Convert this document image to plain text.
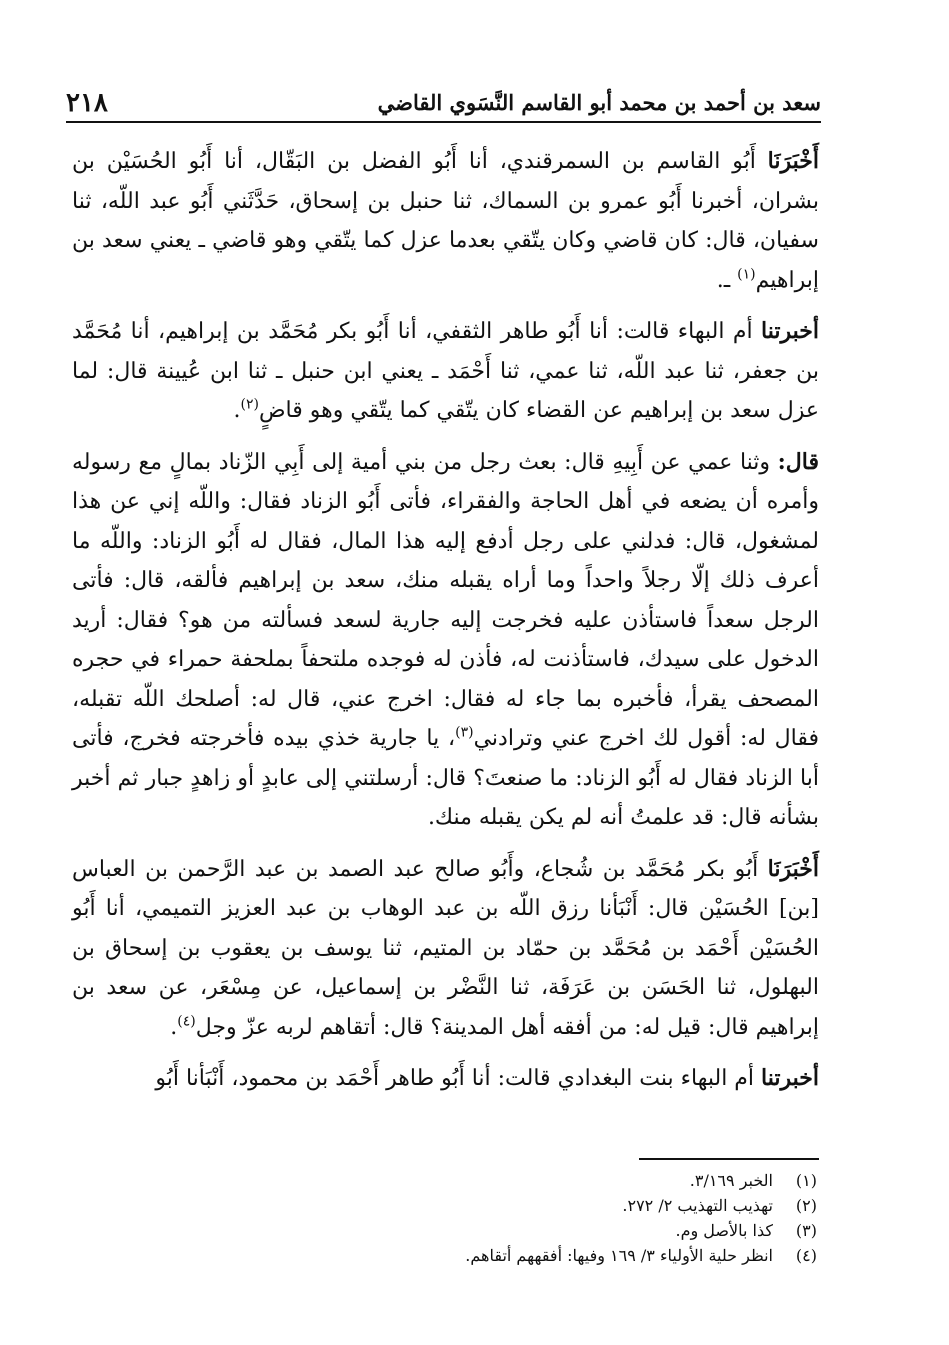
سعد بن أحمد بن محمد أبو القاسم النَّسَوي القاضي
٢١٨

أَخْبَرَنَا أَبُو القاسم بن السمرقندي، أنا أَبُو الفضل بن البَقّال، أنا أَبُو الحُسَيْن بن بشران، أخبرنا أَبُو عمرو بن السماك، ثنا حنبل بن إسحاق، حَدَّثَني أَبُو عبد اللّه، ثنا سفيان، قال: كان قاضي وكان يتّقي بعدما عزل كما يتّقي وهو قاضي ـ يعني سعد بن إبراهيم$^{(١)}$ ـ.

أخبرتنا أم البهاء قالت: أنا أَبُو طاهر الثقفي، أنا أَبُو بكر مُحَمَّد بن إبراهيم، أنا مُحَمَّد بن جعفر، ثنا عبد اللّه، ثنا عمي، ثنا أَحْمَد ـ يعني ابن حنبل ـ ثنا ابن عُيينة قال: لما عزل سعد بن إبراهيم عن القضاء كان يتّقي كما يتّقي وهو قاضٍ$^{(٢)}$.

قال: وثنا عمي عن أَبِيهِ قال: بعث رجل من بني أمية إلى أَبِي الزّناد بمالٍ مع رسوله وأمره أن يضعه في أهل الحاجة والفقراء، فأتى أَبُو الزناد فقال: واللّه إني عن هذا لمشغول، قال: فدلني على رجل أدفع إليه هذا المال، فقال له أَبُو الزناد: واللّه ما أعرف ذلك إلّا رجلاً واحداً وما أراه يقبله منك، سعد بن إبراهيم فألقه، قال: فأتى الرجل سعداً فاستأذن عليه فخرجت إليه جارية لسعد فسألته من هو؟ فقال: أريد الدخول على سيدك، فاستأذنت له، فأذن له فوجده ملتحفاً بملحفة حمراء في حجره المصحف يقرأ، فأخبره بما جاء له فقال: اخرج عني، قال له: أصلحك اللّه تقبله، فقال له: أقول لك اخرج عني وترادني$^{(٣)}$، يا جارية خذي بيده فأخرجته فخرج، فأتى أبا الزناد فقال له أَبُو الزناد: ما صنعتَ؟ قال: أرسلتني إلى عابدٍ أو زاهدٍ جبار ثم أخبر بشأنه قال: قد علمتُ أنه لم يكن يقبله منك.

أَخْبَرَنَا أَبُو بكر مُحَمَّد بن شُجاع، وأَبُو صالح عبد الصمد بن عبد الرَّحمن بن العباس [بن] الحُسَيْن قال: أَنْبَأنا رزق اللّه بن عبد الوهاب بن عبد العزيز التميمي، أنا أَبُو الحُسَيْن أَحْمَد بن مُحَمَّد بن حمّاد بن المتيم، ثنا يوسف بن يعقوب بن إسحاق بن البهلول، ثنا الحَسَن بن عَرَفَة، ثنا النَّضْر بن إسماعيل، عن مِسْعَر، عن سعد بن إبراهيم قال: قيل له: من أفقه أهل المدينة؟ قال: أتقاهم لربه عزّ وجل$^{(٤)}$.

أخبرتنا أم البهاء بنت البغدادي قالت: أنا أَبُو طاهر أَحْمَد بن محمود، أَنْبَأنا أَبُو

(١)
الخبر ٣/١٦٩.
(٢)
تهذيب التهذيب ٢/ ٢٧٢.
(٣)
كذا بالأصل وم.
(٤)
انظر حلية الأولياء ٣/ ١٦٩ وفيها: أفقههم أتقاهم.
